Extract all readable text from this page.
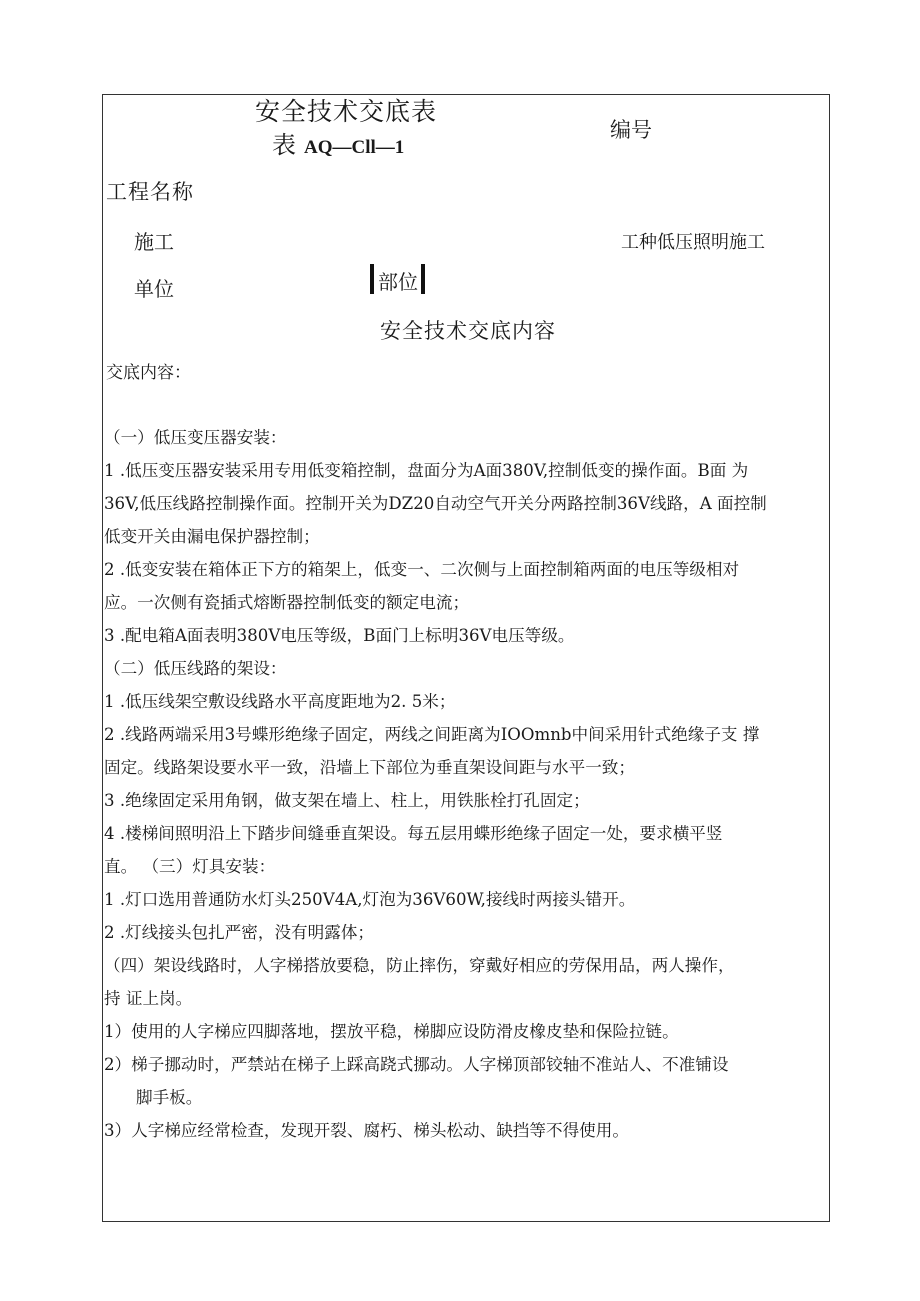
安全技术交底表
表 AQ—Cll—1
编号
工程名称
施工	工种低压照明施工
单位	部位
安全技术交底内容
交底内容：

（一）低压变压器安装：

1 .低压变压器安装采用专用低变箱控制，盘面分为A面380V,控制低变的操作面。B面 为

36V,低压线路控制操作面。控制开关为DZ20自动空气开关分两路控制36V线路，A 面控制

低变开关由漏电保护器控制；

2 .低变安装在箱体正下方的箱架上，低变一、二次侧与上面控制箱两面的电压等级相对

应。一次侧有瓷插式熔断器控制低变的额定电流；

3 .配电箱A面表明380V电压等级，B面门上标明36V电压等级。

（二）低压线路的架设：

1 .低压线架空敷设线路水平高度距地为2. 5米；

2 .线路两端采用3号蝶形绝缘子固定，两线之间距离为IOOmnb中间采用针式绝缘子支 撑

固定。线路架设要水平一致，沿墙上下部位为垂直架设间距与水平一致；

3 .绝缘固定采用角钢，做支架在墙上、柱上，用铁胀栓打孔固定；

4 .楼梯间照明沿上下踏步间缝垂直架设。每五层用蝶形绝缘子固定一处，要求横平竖

直。 （三）灯具安装：

1 .灯口选用普通防水灯头250V4A,灯泡为36V60W,接线时两接头错开。

2 .灯线接头包扎严密，没有明露体；

（四）架设线路时，人字梯搭放要稳，防止摔伤，穿戴好相应的劳保用品，两人操作，

持 证上岗。

1）使用的人字梯应四脚落地，摆放平稳，梯脚应设防滑皮橡皮垫和保险拉链。

2）梯子挪动时，严禁站在梯子上踩高跷式挪动。人字梯顶部铰轴不准站人、不准铺设

脚手板。

3）人字梯应经常检查，发现开裂、腐朽、梯头松动、缺挡等不得使用。
